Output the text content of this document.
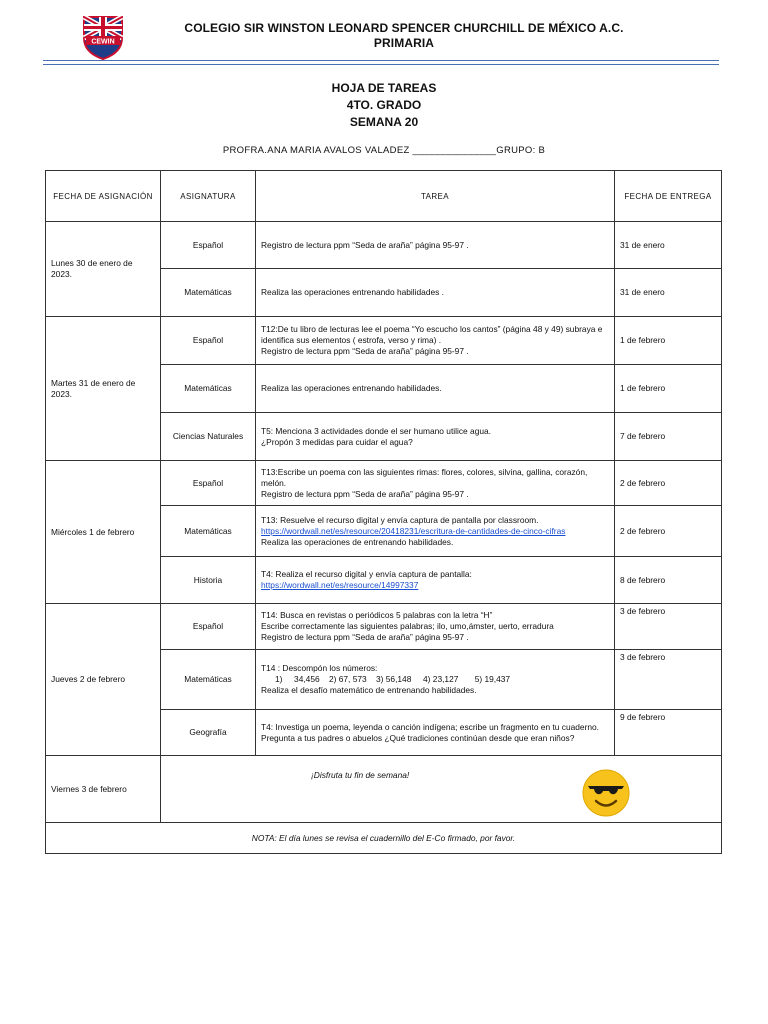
CEWIN
COLEGIO SIR WINSTON LEONARD SPENCER CHURCHILL DE MÉXICO A.C.
PRIMARIA
HOJA DE TAREAS
4TO. GRADO
SEMANA 20
PROFRA.ANA MARIA AVALOS VALADEZ _______________GRUPO: B
FECHA DE ASIGNACIÓN	ASIGNATURA	TAREA	FECHA DE ENTREGA
Lunes 30 de enero de 2023.	Español	Registro de lectura ppm “Seda de araña” página 95-97 .	31 de enero
	Matemáticas	Realiza las operaciones entrenando habilidades .	31 de enero
Martes 31 de enero de 2023.	Español	T12:De tu libro de lecturas lee el poema “Yo escucho los cantos” (página 48 y 49) subraya e identifica sus elementos ( estrofa, verso y rima) .
Registro de lectura ppm “Seda de araña” página 95-97 .	1 de febrero
	Matemáticas	Realiza las operaciones entrenando habilidades.	1 de febrero
	Ciencias Naturales	T5: Menciona 3 actividades donde el ser humano utilice agua.
¿Propón 3 medidas para cuidar el agua?	7 de febrero
Miércoles 1 de febrero	Español	T13:Escribe un poema con las siguientes rimas: flores, colores, silvina, gallina, corazón, melón.
Registro de lectura ppm “Seda de araña” página 95-97 .	2 de febrero
	Matemáticas	T13: Resuelve el recurso digital y envía captura de pantalla por classroom.
https://wordwall.net/es/resource/20418231/escritura-de-cantidades-de-cinco-cifras
Realiza las operaciones de entrenando habilidades.	2 de febrero
	Historia	T4: Realiza el recurso digital y envía captura de pantalla:
https://wordwall.net/es/resource/14997337	8 de febrero
Jueves 2 de febrero	Español	T14: Busca en revistas o periódicos 5 palabras con la letra “H”
Escribe correctamente las siguientes palabras; ilo, umo,ámster, uerto, erradura
Registro de lectura ppm “Seda de araña” página 95-97 .	3 de febrero
	Matemáticas	T14 : Descompón los números:
1)     34,456    2) 67, 573    3) 56,148     4) 23,127       5) 19,437
Realiza el desafío matemático de entrenando habilidades.	3 de febrero
	Geografía	T4: Investiga un poema, leyenda o canción indígena; escribe un fragmento en tu cuaderno.
Pregunta a tus padres o abuelos ¿Qué tradiciones continúan desde que eran niños?	9 de febrero
Viernes 3 de febrero	¡Disfruta tu fin de semana!		

NOTA: El día lunes se revisa el cuadernillo del E-Co firmado, por favor.			
